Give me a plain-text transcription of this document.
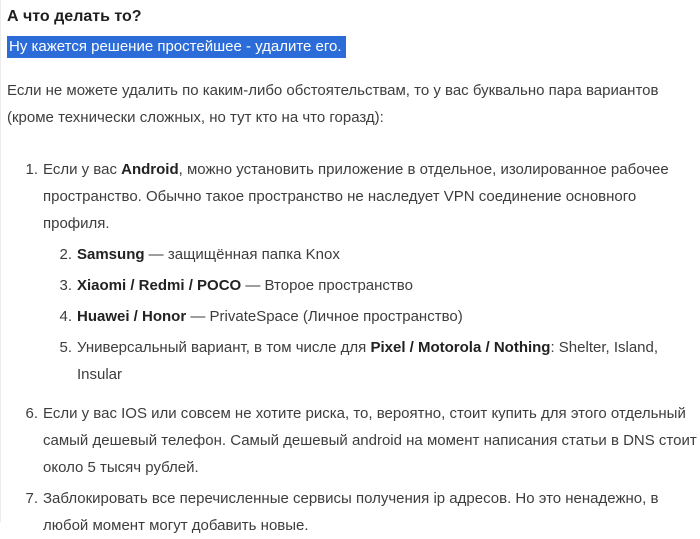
А что делать то?
Ну кажется решение простейшее - удалите его.

Если не можете удалить по каким-либо обстоятельствам, то у вас буквально пара вариантов (кроме технически сложных, но тут кто на что горазд):

1. Если у вас Android, можно установить приложение в отдельное, изолированное рабочее пространство. Обычно такое пространство не наследует VPN соединение основного профиля.
2. Samsung — защищённая папка Knox
3. Xiaomi / Redmi / POCO — Второе пространство
4. Huawei / Honor — PrivateSpace (Личное пространство)
5. Универсальный вариант, в том числе для Pixel / Motorola / Nothing: Shelter, Island, Insular
6. Если у вас IOS или совсем не хотите риска, то, вероятно, стоит купить для этого отдельный самый дешевый телефон. Самый дешевый android на момент написания статьи в DNS стоит около 5 тысяч рублей.
7. Заблокировать все перечисленные сервисы получения ip адресов. Но это ненадежно, в любой момент могут добавить новые.
